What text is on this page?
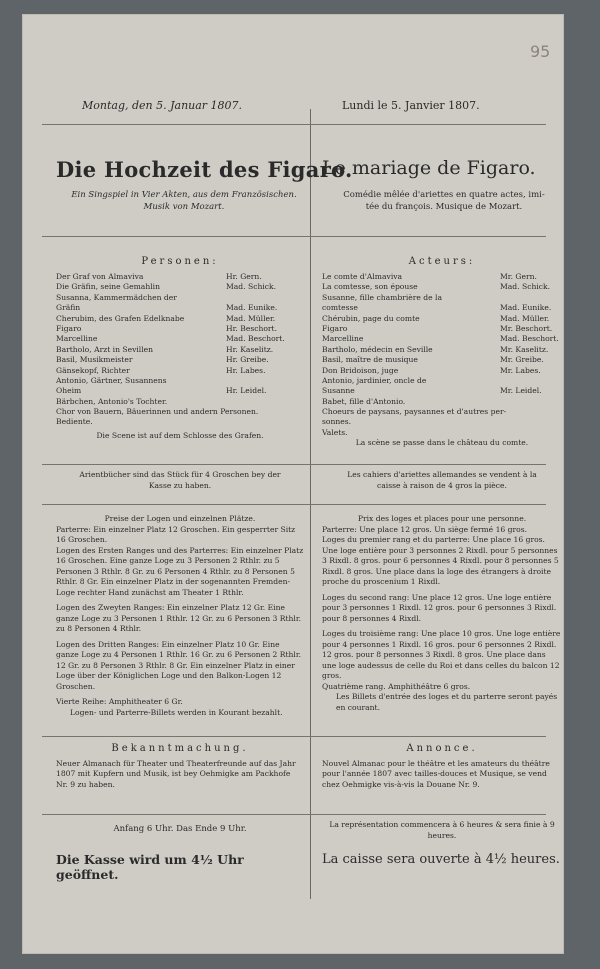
95
Montag, den 5. Januar 1807.	Lundi le 5. Janvier 1807.
Die Hochzeit des Figaro.
Le mariage de Figaro.
Ein Singspiel in Vier Akten, aus dem Französischen.
Musik von Mozart.
Comédie mêlée d'ariettes en quatre actes, imi-
tée du françois. Musique de Mozart.
Personen:	Acteurs:
Der Graf von Almaviva	Hr. Gern.
Die Gräfin, seine Gemahlin	Mad. Schick.
Susanna, Kammermädchen der
Gräfin	Mad. Eunike.
Cherubim, des Grafen Edelknabe	Mad. Müller.
Figaro	Hr. Beschort.
Marcelline	Mad. Beschort.
Bartholo, Arzt in Sevillen	Hr. Kaselitz.
Basil, Musikmeister	Hr. Greibe.
Gänsekopf, Richter	Hr. Labes.
Antonio, Gärtner, Susannens
Oheim	Hr. Leidel.
Bärbchen, Antonio's Tochter.
Chor von Bauern, Bäuerinnen und andern Personen.
Bediente.
Die Scene ist auf dem Schlosse des Grafen.
Le comte d'Almaviva	Mr. Gern.
La comtesse, son épouse	Mad. Schick.
Susanne, fille chambrière de la
comtesse	Mad. Eunike.
Chérubin, page du comte	Mad. Müller.
Figaro	Mr. Beschort.
Marcelline	Mad. Beschort.
Bartholo, médecin en Seville	Mr. Kaselitz.
Basil, maître de musique	Mr. Greibe.
Don Bridoison, juge	Mr. Labes.
Antonio, jardinier, oncle de
Susanne	Mr. Leidel.
Babet, fille d'Antonio.
Choeurs de paysans, paysannes et d'autres per-
sonnes.
Valets.
La scène se passe dans le château du comte.
Arientbücher sind das Stück für 4 Groschen bey der
Kasse zu haben.
Les cahiers d'ariettes allemandes se vendent à la
caisse à raison de 4 gros la pièce.
Preise der Logen und einzelnen Plätze.
Parterre: Ein einzelner Platz 12 Groschen. Ein gesperrter Sitz 16 Groschen.
Logen des Ersten Ranges und des Parterres: Ein einzelner Platz 16 Groschen. Eine ganze Loge zu 3 Personen 2 Rthlr. zu 5 Personen 3 Rthlr. 8 Gr. zu 6 Personen 4 Rthlr. zu 8 Personen 5 Rthlr. 8 Gr. Ein einzelner Platz in der sogenannten Fremden-Loge rechter Hand zunächst am Theater 1 Rthlr.
Logen des Zweyten Ranges: Ein einzelner Platz 12 Gr. Eine ganze Loge zu 3 Personen 1 Rthlr. 12 Gr. zu 6 Personen 3 Rthlr. zu 8 Personen 4 Rthlr.
Logen des Dritten Ranges: Ein einzelner Platz 10 Gr. Eine ganze Loge zu 4 Personen 1 Rthlr. 16 Gr. zu 6 Personen 2 Rthlr. 12 Gr. zu 8 Personen 3 Rthlr. 8 Gr. Ein einzelner Platz in einer Loge über der Königlichen Loge und den Balkon-Logen 12 Groschen.
Vierte Reihe: Amphitheater 6 Gr.
Logen- und Parterre-Billets werden in Kourant bezahlt.
Prix des loges et places pour une personne.
Parterre: Une place 12 gros. Un siège fermé 16 gros.
Loges du premier rang et du parterre: Une place 16 gros. Une loge entière pour 3 personnes 2 Rixdl. pour 5 personnes 3 Rixdl. 8 gros. pour 6 personnes 4 Rixdl. pour 8 personnes 5 Rixdl. 8 gros. Une place dans la loge des étrangers à droite proche du proscenium 1 Rixdl.
Loges du second rang: Une place 12 gros. Une loge entière pour 3 personnes 1 Rixdl. 12 gros. pour 6 personnes 3 Rixdl. pour 8 personnes 4 Rixdl.
Loges du troisième rang: Une place 10 gros. Une loge entière pour 4 personnes 1 Rixdl. 16 gros. pour 6 personnes 2 Rixdl. 12 gros. pour 8 personnes 3 Rixdl. 8 gros. Une place dans une loge audessus de celle du Roi et dans celles du balcon 12 gros.
Quatrième rang. Amphithéâtre 6 gros.
Les Billets d'entrée des loges et du parterre seront payés en courant.
Bekanntmachung.
Neuer Almanach für Theater und Theaterfreunde auf das Jahr 1807 mit Kupfern und Musik, ist bey Oehmigke am Packhofe Nr. 9 zu haben.
Annonce.
Nouvel Almanac pour le théâtre et les amateurs du théâtre pour l'année 1807 avec tailles-douces et Musique, se vend chez Oehmigke vis-à-vis la Douane Nr. 9.
Anfang 6 Uhr. Das Ende 9 Uhr.	La représentation commencera à 6 heures & sera finie à 9 heures.
Die Kasse wird um 4½ Uhr geöffnet.
La caisse sera ouverte à 4½ heures.
